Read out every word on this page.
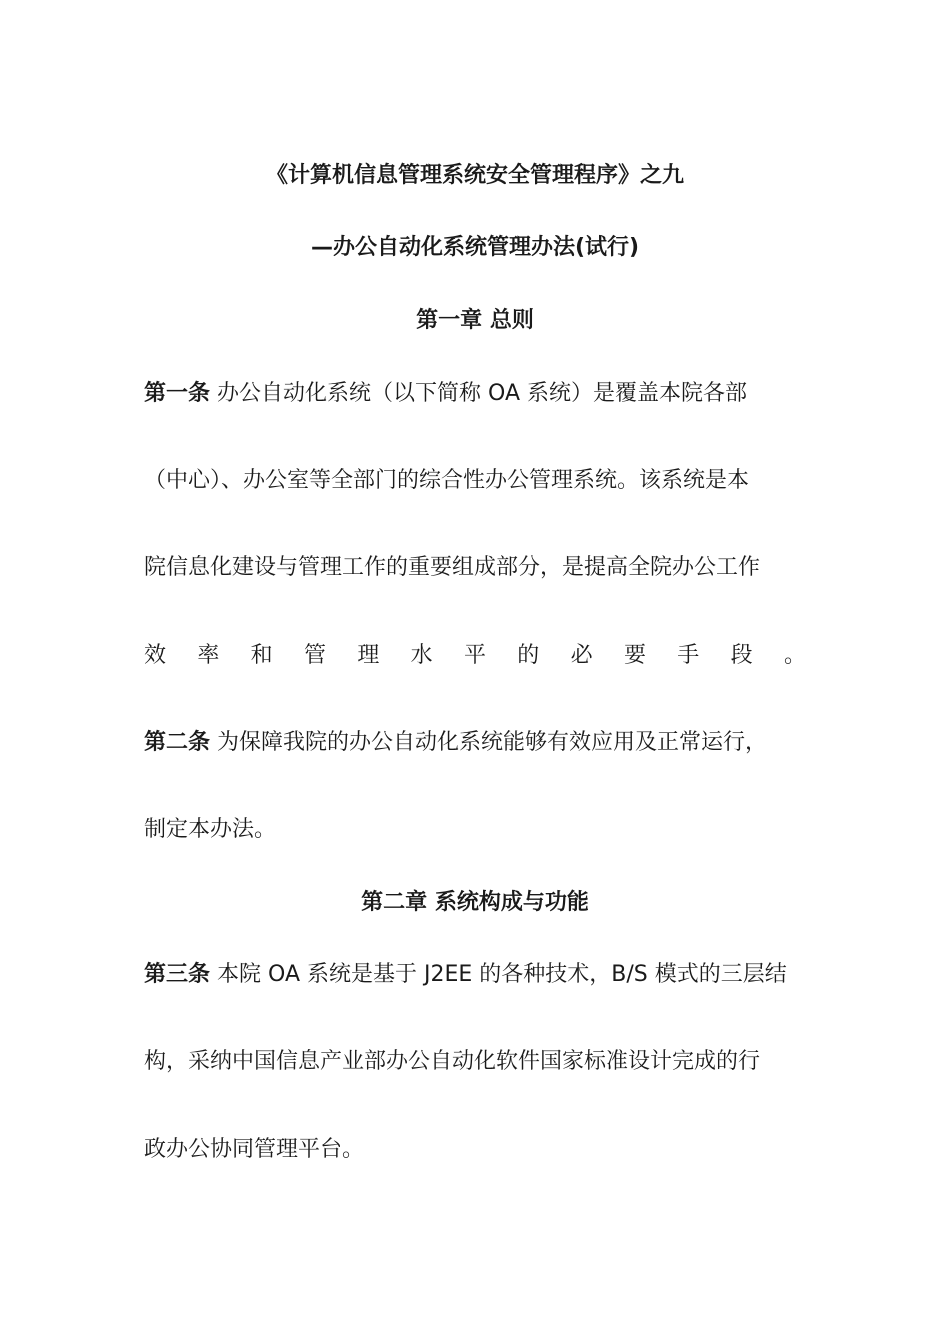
《计算机信息管理系统安全管理程序》之九
—办公自动化系统管理办法(试行)
第一章 总则
第一条 办公自动化系统（以下简称 OA 系统）是覆盖本院各部
（中心）、办公室等全部门的综合性办公管理系统。该系统是本
院信息化建设与管理工作的重要组成部分，是提高全院办公工作
效 率 和 管 理 水 平 的 必 要 手 段 。
第二条 为保障我院的办公自动化系统能够有效应用及正常运行，
制定本办法。
第二章 系统构成与功能
第三条 本院 OA 系统是基于 J2EE 的各种技术，B/S 模式的三层结
构，采纳中国信息产业部办公自动化软件国家标准设计完成的行
政办公协同管理平台。
